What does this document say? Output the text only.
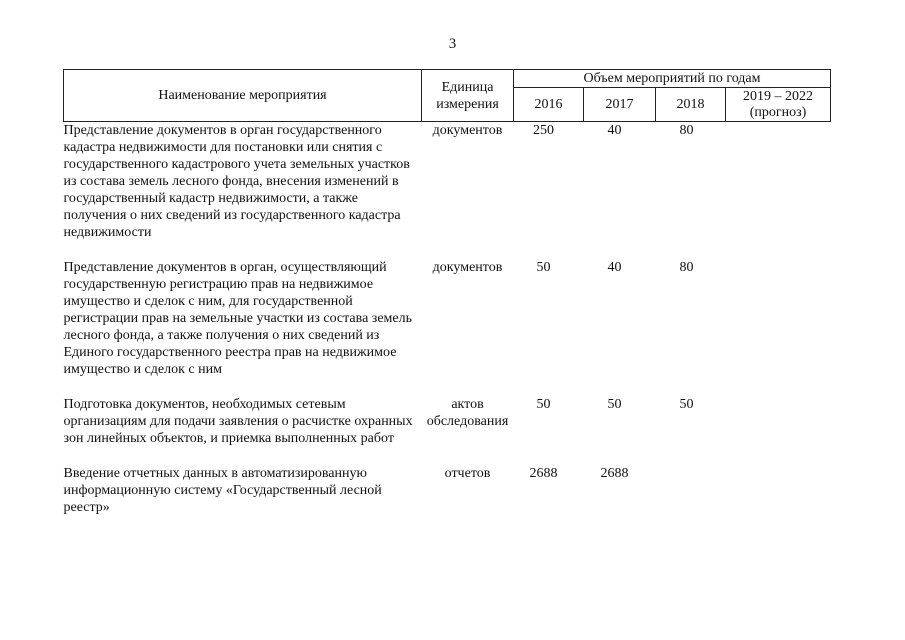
3
Наименование мероприятия	Единица измерения	Объем мероприятий по годам			
		2016	2017	2018	2019 – 2022 (прогноз)
Представление документов в орган государственного кадастра недвижимости для постановки или снятия с государственного кадастрового учета земельных участков из состава земель лесного фонда, внесения изменений в государственный кадастр недвижимости, а также получения о них сведений из государственного кадастра недвижимости	документов	250	40	80	
Представление документов в орган, осуществляющий государственную регистрацию прав на недвижимое имущество и сделок с ним, для государственной регистрации прав на земельные участки из состава земель лесного фонда, а также получения о них сведений из Единого государственного реестра прав на недвижимое имущество и сделок с ним	документов	50	40	80	
Подготовка документов, необходимых сетевым организациям для подачи заявления о расчистке охранных зон линейных объектов, и приемка выполненных работ	актов обследования	50	50	50	
Введение отчетных данных в автоматизированную информационную систему «Государственный лесной реестр»	отчетов	2688	2688		
